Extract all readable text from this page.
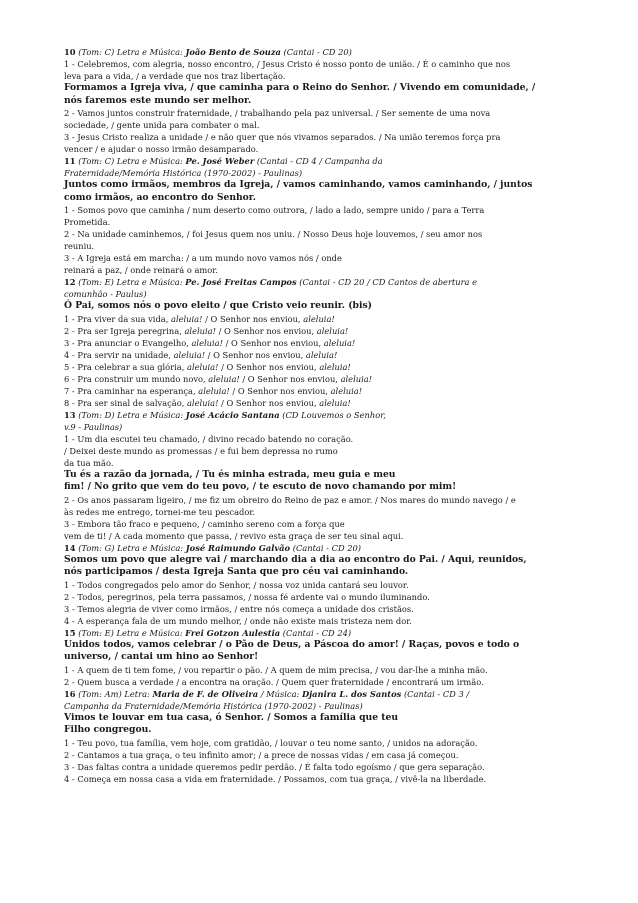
10 (Tom: C) Letra e Música: João Bento de Souza (Cantai - CD 20)
1 - Celebremos, com alegria, nosso encontro, / Jesus Cristo é nosso ponto de união. / É o caminho que nos
leva para a vida, / a verdade que nos traz libertação.
Formamos a Igreja viva, / que caminha para o Reino do Senhor. / Vivendo em comunidade, /
nós faremos este mundo ser melhor.
2 - Vamos juntos construir fraternidade, / trabalhando pela paz universal. / Ser semente de uma nova
sociedade, / gente unida para combater o mal.
3 - Jesus Cristo realiza a unidade / e não quer que nós vivamos separados. / Na união teremos força pra
vencer / e ajudar o nosso irmão desamparado.
11 (Tom: C) Letra e Música: Pe. José Weber (Cantai - CD 4 / Campanha da
Fraternidade/Memória Histórica (1970-2002) - Paulinas)
Juntos como irmãos, membros da Igreja, / vamos caminhando, vamos caminhando, / juntos
como irmãos, ao encontro do Senhor.
1 - Somos povo que caminha / num deserto como outrora, / lado a lado, sempre unido / para a Terra
Prometida.
2 - Na unidade caminhemos, / foi Jesus quem nos uniu. / Nosso Deus hoje louvemos, / seu amor nos
reuniu.
3 - A Igreja está em marcha: / a um mundo novo vamos nós / onde
reinará a paz, / onde reinará o amor.
12 (Tom: E) Letra e Música: Pe. José Freitas Campos (Cantai - CD 20 / CD Cantos de abertura e
comunhão - Paulus)
Ó Pai, somos nós o povo eleito / que Cristo veio reunir. (bis)
1 - Pra viver da sua vida, aleluia! / O Senhor nos enviou, aleluia!
2 - Pra ser Igreja peregrina, aleluia! / O Senhor nos enviou, aleluia!
3 - Pra anunciar o Evangelho, aleluia! / O Senhor nos enviou, aleluia!
4 - Pra servir na unidade, aleluia! / O Senhor nos enviou, aleluia!
5 - Pra celebrar a sua glória, aleluia! / O Senhor nos enviou, aleluia!
6 - Pra construir um mundo novo, aleluia! / O Senhor nos enviou, aleluia!
7 - Pra caminhar na esperança, aleluia! / O Senhor nos enviou, aleluia!
8 - Pra ser sinal de salvação, aleluia! / O Senhor nos enviou, aleluia!
13 (Tom: D) Letra e Música: José Acácio Santana (CD Louvemos o Senhor,
v.9 - Paulinas)
1 - Um dia escutei teu chamado, / divino recado batendo no coração.
/ Deixei deste mundo as promessas / e fui bem depressa no rumo
da tua mão.
Tu és a razão da jornada, / Tu és minha estrada, meu guia e meu
fim! / No grito que vem do teu povo, / te escuto de novo chamando por mim!
2 - Os anos passaram ligeiro, / me fiz um obreiro do Reino de paz e amor. / Nos mares do mundo navego / e
às redes me entrego, tornei-me teu pescador.
3 - Embora tão fraco e pequeno, / caminho sereno com a força que
vem de ti! / A cada momento que passa, / revivo esta graça de ser teu sinal aqui.
14 (Tom: G) Letra e Música: José Raimundo Galvão (Cantai - CD 20)
Somos um povo que alegre vai / marchando dia a dia ao encontro do Pai. / Aqui, reunidos,
nós participamos / desta Igreja Santa que pro céu vai caminhando.
1 - Todos congregados pelo amor do Senhor, / nossa voz unida cantará seu louvor.
2 - Todos, peregrinos, pela terra passamos, / nossa fé ardente vai o mundo iluminando.
3 - Temos alegria de viver como irmãos, / entre nós começa a unidade dos cristãos.
4 - A esperança fala de um mundo melhor, / onde não existe mais tristeza nem dor.
15 (Tom: E) Letra e Música: Frei Gotzon Aulestia (Cantai - CD 24)
Unidos todos, vamos celebrar / o Pão de Deus, a Páscoa do amor! / Raças, povos e todo o
universo, / cantai um hino ao Senhor!
1 - A quem de ti tem fome, / vou repartir o pão. / A quem de mim precisa, / vou dar-lhe a minha mão.
2 - Quem busca a verdade / a encontra na oração. / Quem quer fraternidade / encontrará um irmão.
16 (Tom: Am) Letra: Maria de F. de Oliveira / Música: Djanira L. dos Santos (Cantai - CD 3 /
Campanha da Fraternidade/Memória Histórica (1970-2002) - Paulinas)
Vimos te louvar em tua casa, ó Senhor. / Somos a família que teu
Filho congregou.
1 - Teu povo, tua família, vem hoje, com gratidão, / louvar o teu nome santo, / unidos na adoração.
2 - Cantamos a tua graça, o teu infinito amor; / a prece de nossas vidas / em casa já começou.
3 - Das faltas contra a unidade queremos pedir perdão. / É falta todo egoísmo / que gera separação.
4 - Começa em nossa casa a vida em fraternidade. / Possamos, com tua graça, / vivê-la na liberdade.
